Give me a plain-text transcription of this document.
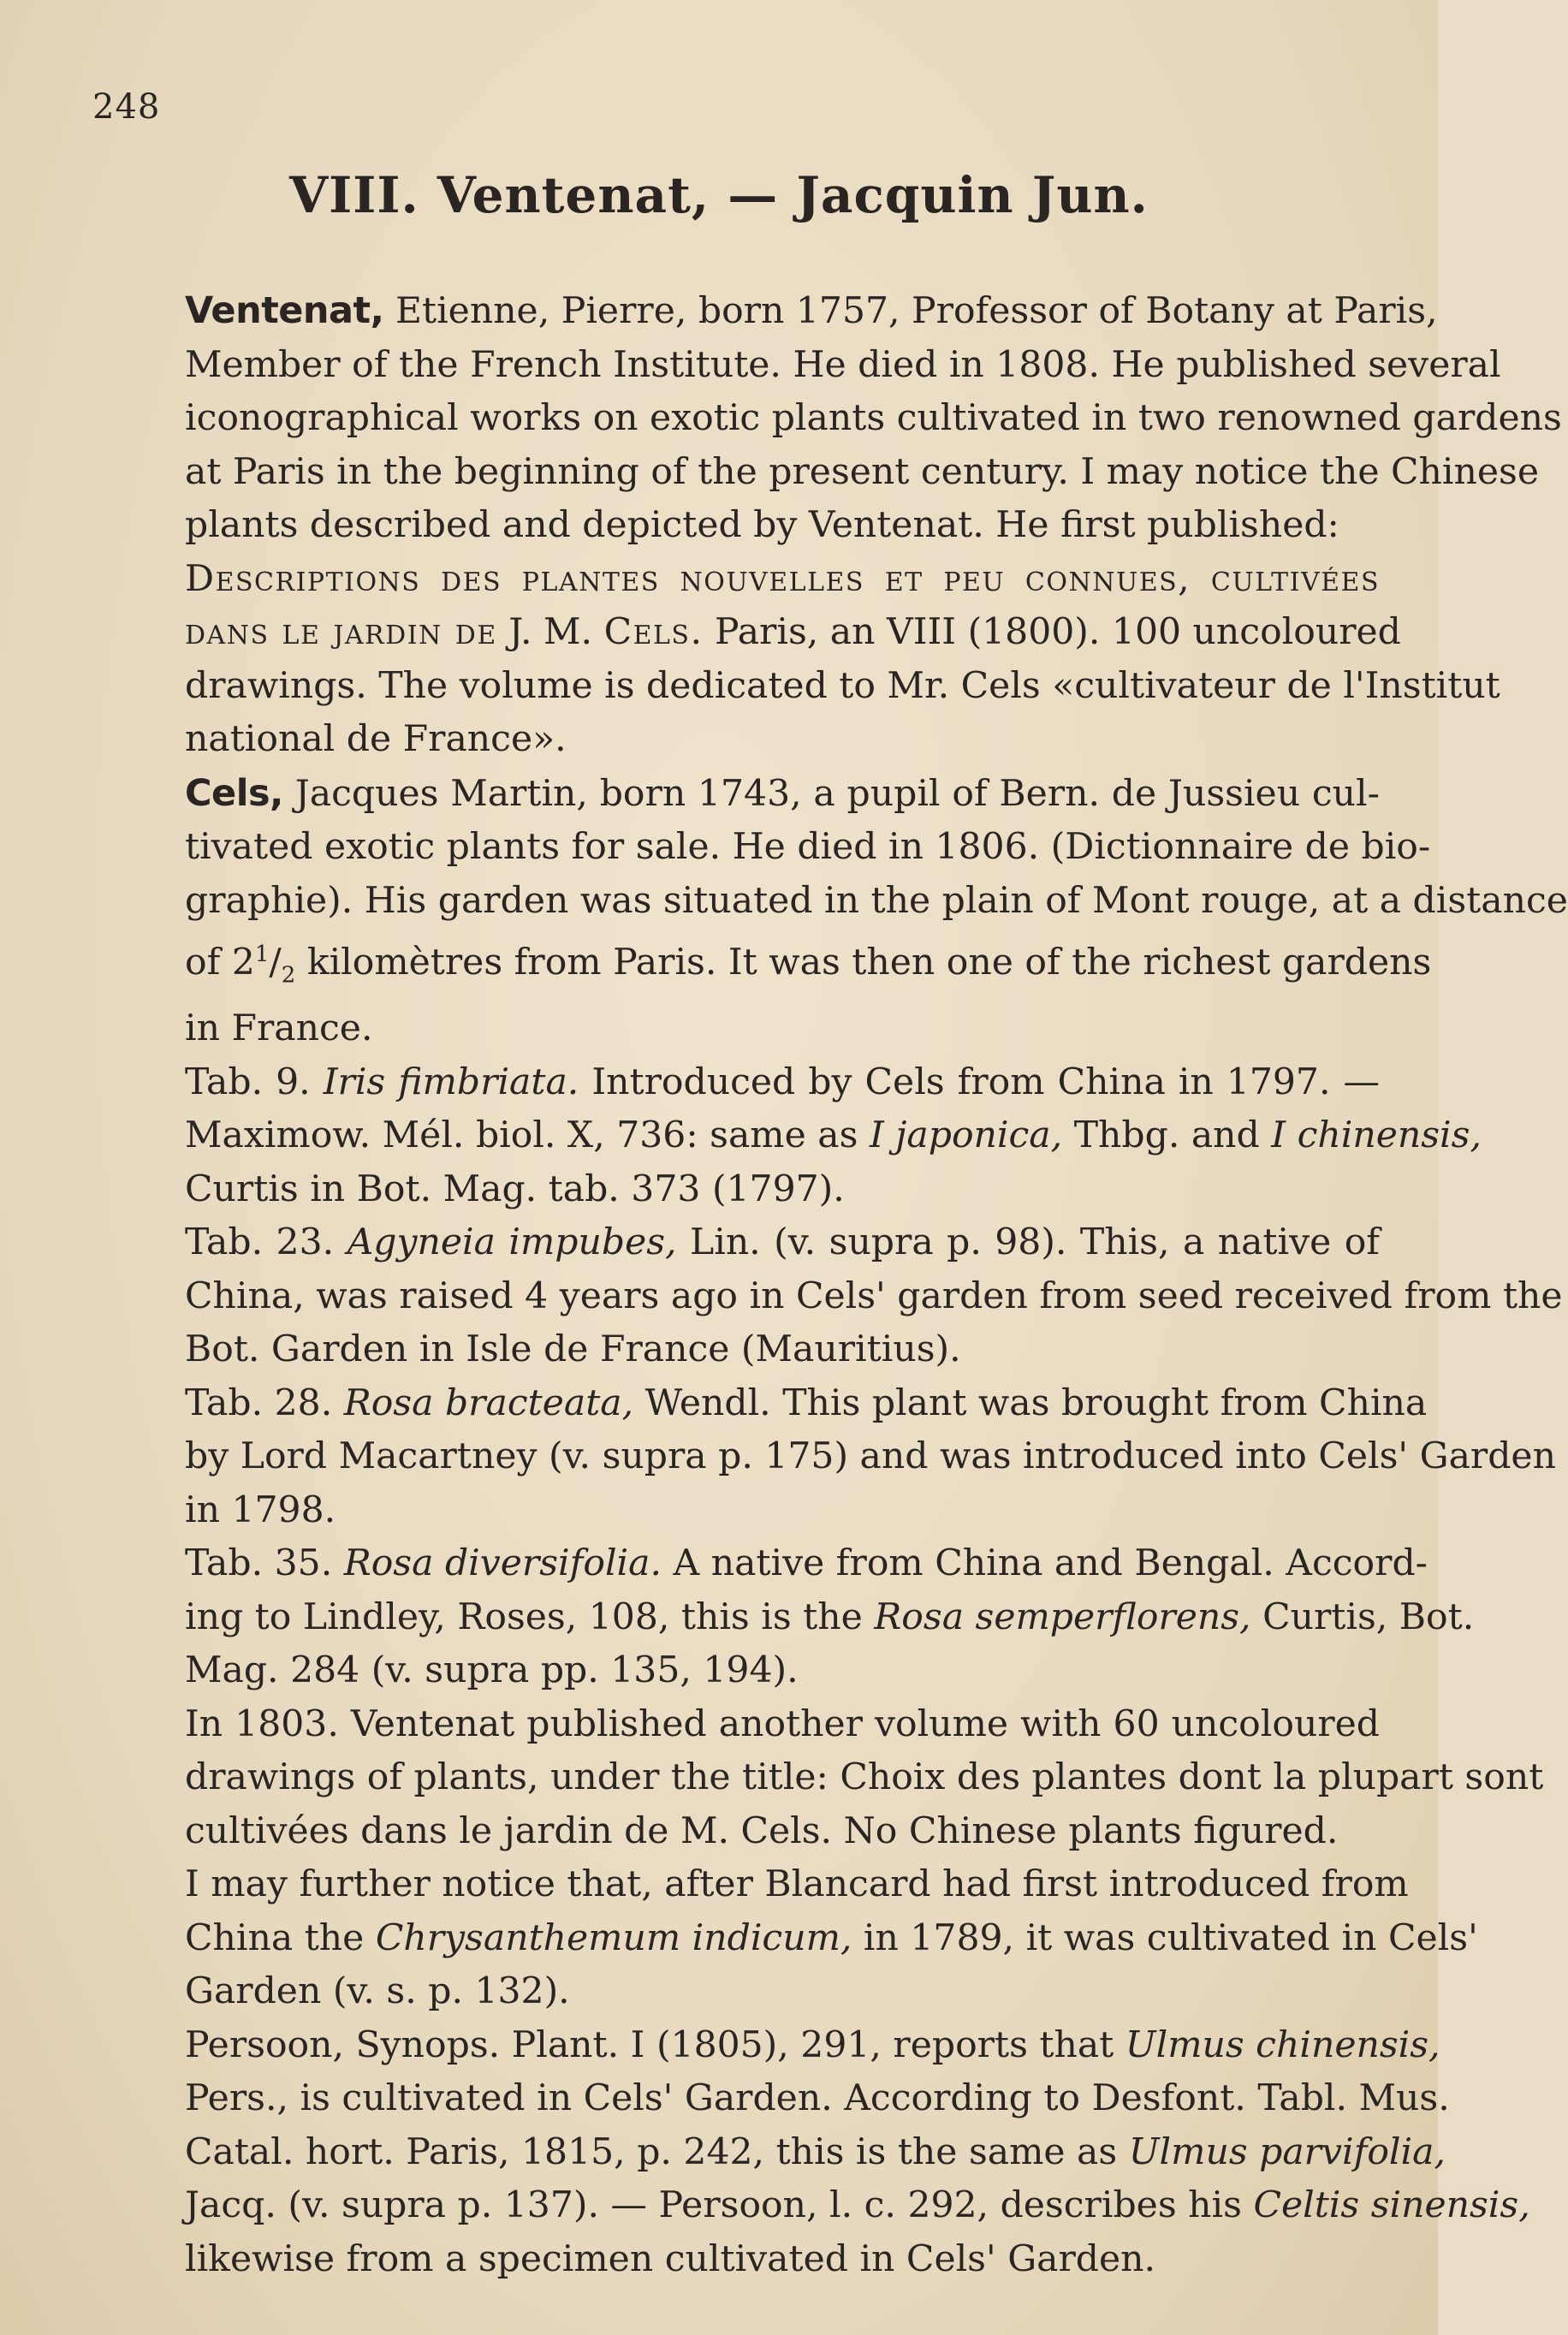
248
VIII. Ventenat, — Jacquin Jun.
Ventenat, Etienne, Pierre, born 1757, Professor of Botany at Paris,
Member of the French Institute. He died in 1808. He published several
iconographical works on exotic plants cultivated in two renowned gardens
at Paris in the beginning of the present century. I may notice the Chinese
plants described and depicted by Ventenat. He first published:
Descriptions des plantes nouvelles et peu connues, cultivées
dans le jardin de J. M. Cels. Paris, an VIII (1800). 100 uncoloured
drawings. The volume is dedicated to Mr. Cels «cultivateur de l'Institut
national de France».
Cels, Jacques Martin, born 1743, a pupil of Bern. de Jussieu cul-
tivated exotic plants for sale. He died in 1806. (Dictionnaire de bio-
graphie). His garden was situated in the plain of Mont rouge, at a distance
of $2^1/_2$ kilomètres from Paris. It was then one of the richest gardens
in France.
Tab. 9. Iris fimbriata. Introduced by Cels from China in 1797. —
Maximow. Mél. biol. X, 736: same as I japonica, Thbg. and I chinensis,
Curtis in Bot. Mag. tab. 373 (1797).
Tab. 23. Agyneia impubes, Lin. (v. supra p. 98). This, a native of
China, was raised 4 years ago in Cels' garden from seed received from the
Bot. Garden in Isle de France (Mauritius).
Tab. 28. Rosa bracteata, Wendl. This plant was brought from China
by Lord Macartney (v. supra p. 175) and was introduced into Cels' Garden
in 1798.
Tab. 35. Rosa diversifolia. A native from China and Bengal. Accord-
ing to Lindley, Roses, 108, this is the Rosa semperflorens, Curtis, Bot.
Mag. 284 (v. supra pp. 135, 194).
In 1803. Ventenat published another volume with 60 uncoloured
drawings of plants, under the title: Choix des plantes dont la plupart sont
cultivées dans le jardin de M. Cels. No Chinese plants figured.
I may further notice that, after Blancard had first introduced from
China the Chrysanthemum indicum, in 1789, it was cultivated in Cels'
Garden (v. s. p. 132).
Persoon, Synops. Plant. I (1805), 291, reports that Ulmus chinensis,
Pers., is cultivated in Cels' Garden. According to Desfont. Tabl. Mus.
Catal. hort. Paris, 1815, p. 242, this is the same as Ulmus parvifolia,
Jacq. (v. supra p. 137). — Persoon, l. c. 292, describes his Celtis sinensis,
likewise from a specimen cultivated in Cels' Garden.
